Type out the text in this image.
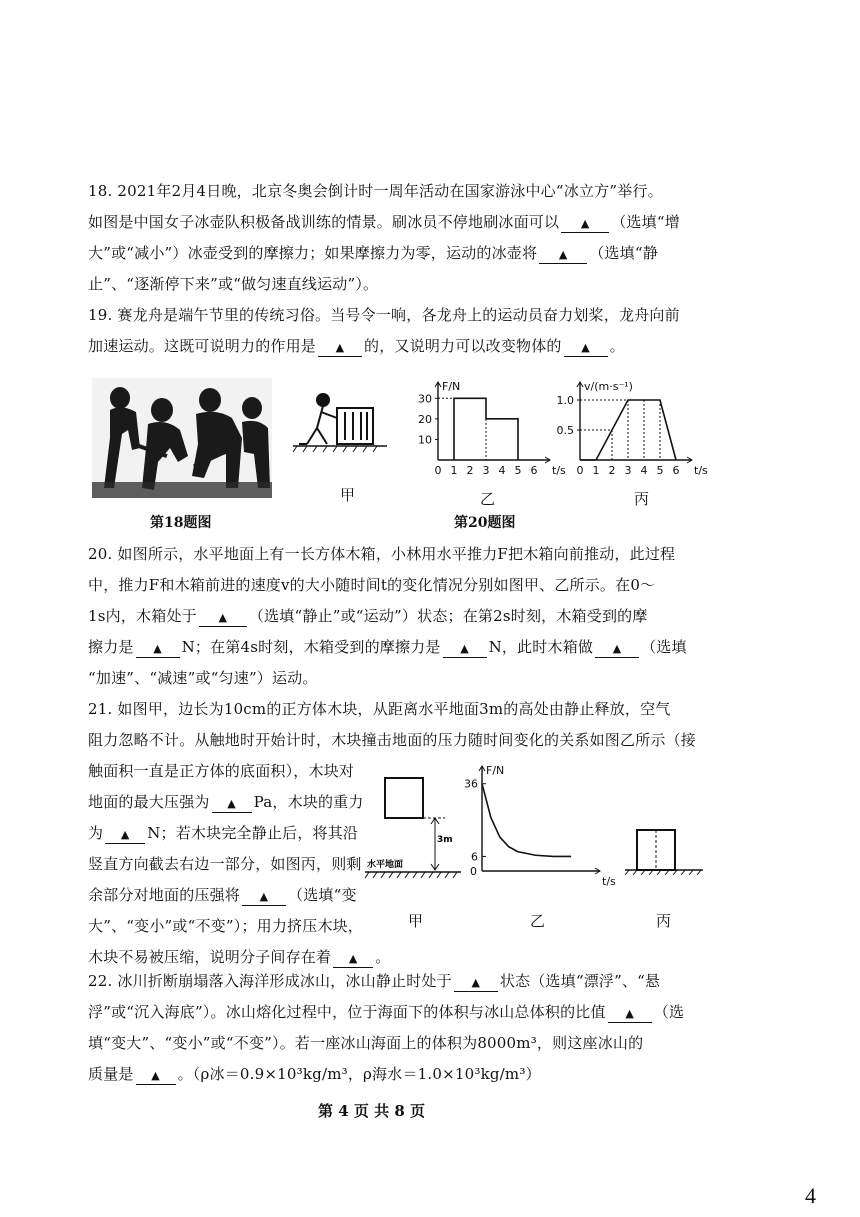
18. 2021年2月4日晚，北京冬奥会倒计时一周年活动在国家游泳中心“冰立方”举行。
如图是中国女子冰壶队积极备战训练的情景。刷冰员不停地刷冰面可以 ▲ （选填“增
大”或“减小”）冰壶受到的摩擦力；如果摩擦力为零，运动的冰壶将 ▲ （选填“静
止”、“逐渐停下来”或“做匀速直线运动”）。
19. 赛龙舟是端午节里的传统习俗。当号令一响，各龙舟上的运动员奋力划桨，龙舟向前
加速运动。这既可说明力的作用是 ▲ 的，又说明力可以改变物体的 ▲ 。
第18题图
甲
F/N
t/s
0 1 2 3 4 5 6
10
20
30
乙
v/(m·s⁻¹)
t/s
0 1 2 3 4 5 6
0.5
1.0
丙
第20题图
20. 如图所示，水平地面上有一长方体木箱，小林用水平推力F把木箱向前推动，此过程
中，推力F和木箱前进的速度v的大小随时间t的变化情况分别如图甲、乙所示。在0～
1s内，木箱处于 ▲ （选填“静止”或“运动”）状态；在第2s时刻，木箱受到的摩
擦力是 ▲ N；在第4s时刻，木箱受到的摩擦力是 ▲ N，此时木箱做 ▲ （选填
“加速”、“减速”或“匀速”）运动。
21. 如图甲，边长为10cm的正方体木块，从距离水平地面3m的高处由静止释放，空气
阻力忽略不计。从触地时开始计时，木块撞击地面的压力随时间变化的关系如图乙所示（接
触面积一直是正方体的底面积），木块对
地面的最大压强为 ▲ Pa，木块的重力
为 ▲ N；若木块完全静止后，将其沿
竖直方向截去右边一部分，如图丙，则剩
余部分对地面的压强将 ▲ （选填“变
大”、“变小”或“不变”）；用力挤压木块，
木块不易被压缩，说明分子间存在着 ▲ 。
3m
水平地面
甲
F/N
t/s
0
6
36
乙	丙
22. 冰川折断崩塌落入海洋形成冰山，冰山静止时处于 ▲ 状态（选填“漂浮”、“悬
浮”或“沉入海底”）。冰山熔化过程中，位于海面下的体积与冰山总体积的比值 ▲ （选
填“变大”、“变小”或“不变”）。若一座冰山海面上的体积为8000m³，则这座冰山的
质量是 ▲ 。（ρ冰＝0.9×10³kg/m³，ρ海水＝1.0×10³kg/m³）
第 4 页 共 8 页
4
